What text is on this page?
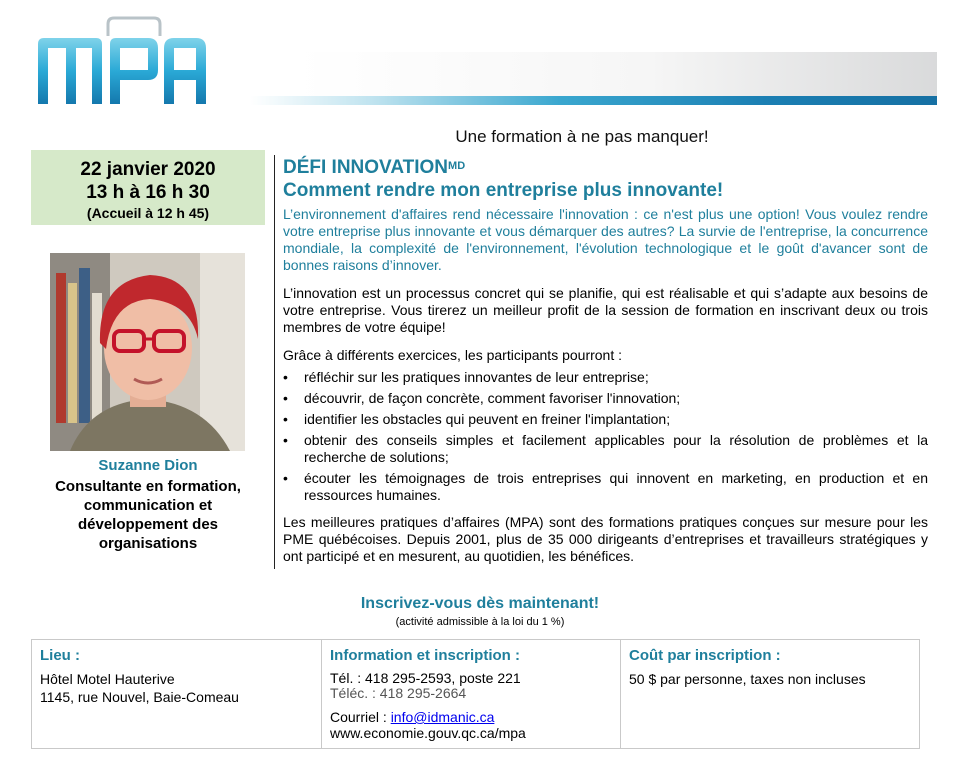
Une formation à ne pas manquer!
22 janvier 2020
13 h à 16 h 30
(Accueil à 12 h 45)
Suzanne Dion
Consultante en formation, communication et développement des organisations
DÉFI $INNOVATION^{MD}$
Comment rendre mon entreprise plus innovante!

L’environnement d'affaires rend nécessaire l'innovation : ce n'est plus une option! Vous voulez rendre votre entreprise plus innovante et vous démarquer des autres? La survie de l'entreprise, la concurrence mondiale, la complexité de l'environnement, l'évolution technologique et le goût d'avancer sont de bonnes raisons d’innover.

L’innovation est un processus concret qui se planifie, qui est réalisable et qui s’adapte aux besoins de votre entreprise. Vous tirerez un meilleur profit de la session de formation en inscrivant deux ou trois membres de votre équipe!

Grâce à différents exercices, les participants pourront :

• réfléchir sur les pratiques innovantes de leur entreprise;
• découvrir, de façon concrète, comment favoriser l'innovation;
• identifier les obstacles qui peuvent en freiner l'implantation;
• obtenir des conseils simples et facilement applicables pour la résolution de problèmes et la recherche de solutions;
• écouter les témoignages de trois entreprises qui innovent en marketing, en production et en ressources humaines.

Les meilleures pratiques d’affaires (MPA) sont des formations pratiques conçues sur mesure pour les PME québécoises. Depuis 2001, plus de 35 000 dirigeants d’entreprises et travailleurs stratégiques y ont participé et en mesurent, au quotidien, les bénéfices.

Inscrivez-vous dès maintenant!
(activité admissible à la loi du 1 %)
Lieu :
Hôtel Motel Hauterive
1145, rue Nouvel, Baie-Comeau
Information et inscription :
Tél. : 418 295-2593, poste 221
Téléc. : 418 295-2664
Courriel : info@idmanic.ca
www.economie.gouv.qc.ca/mpa
Coût par inscription :
50 $ par personne, taxes non incluses
